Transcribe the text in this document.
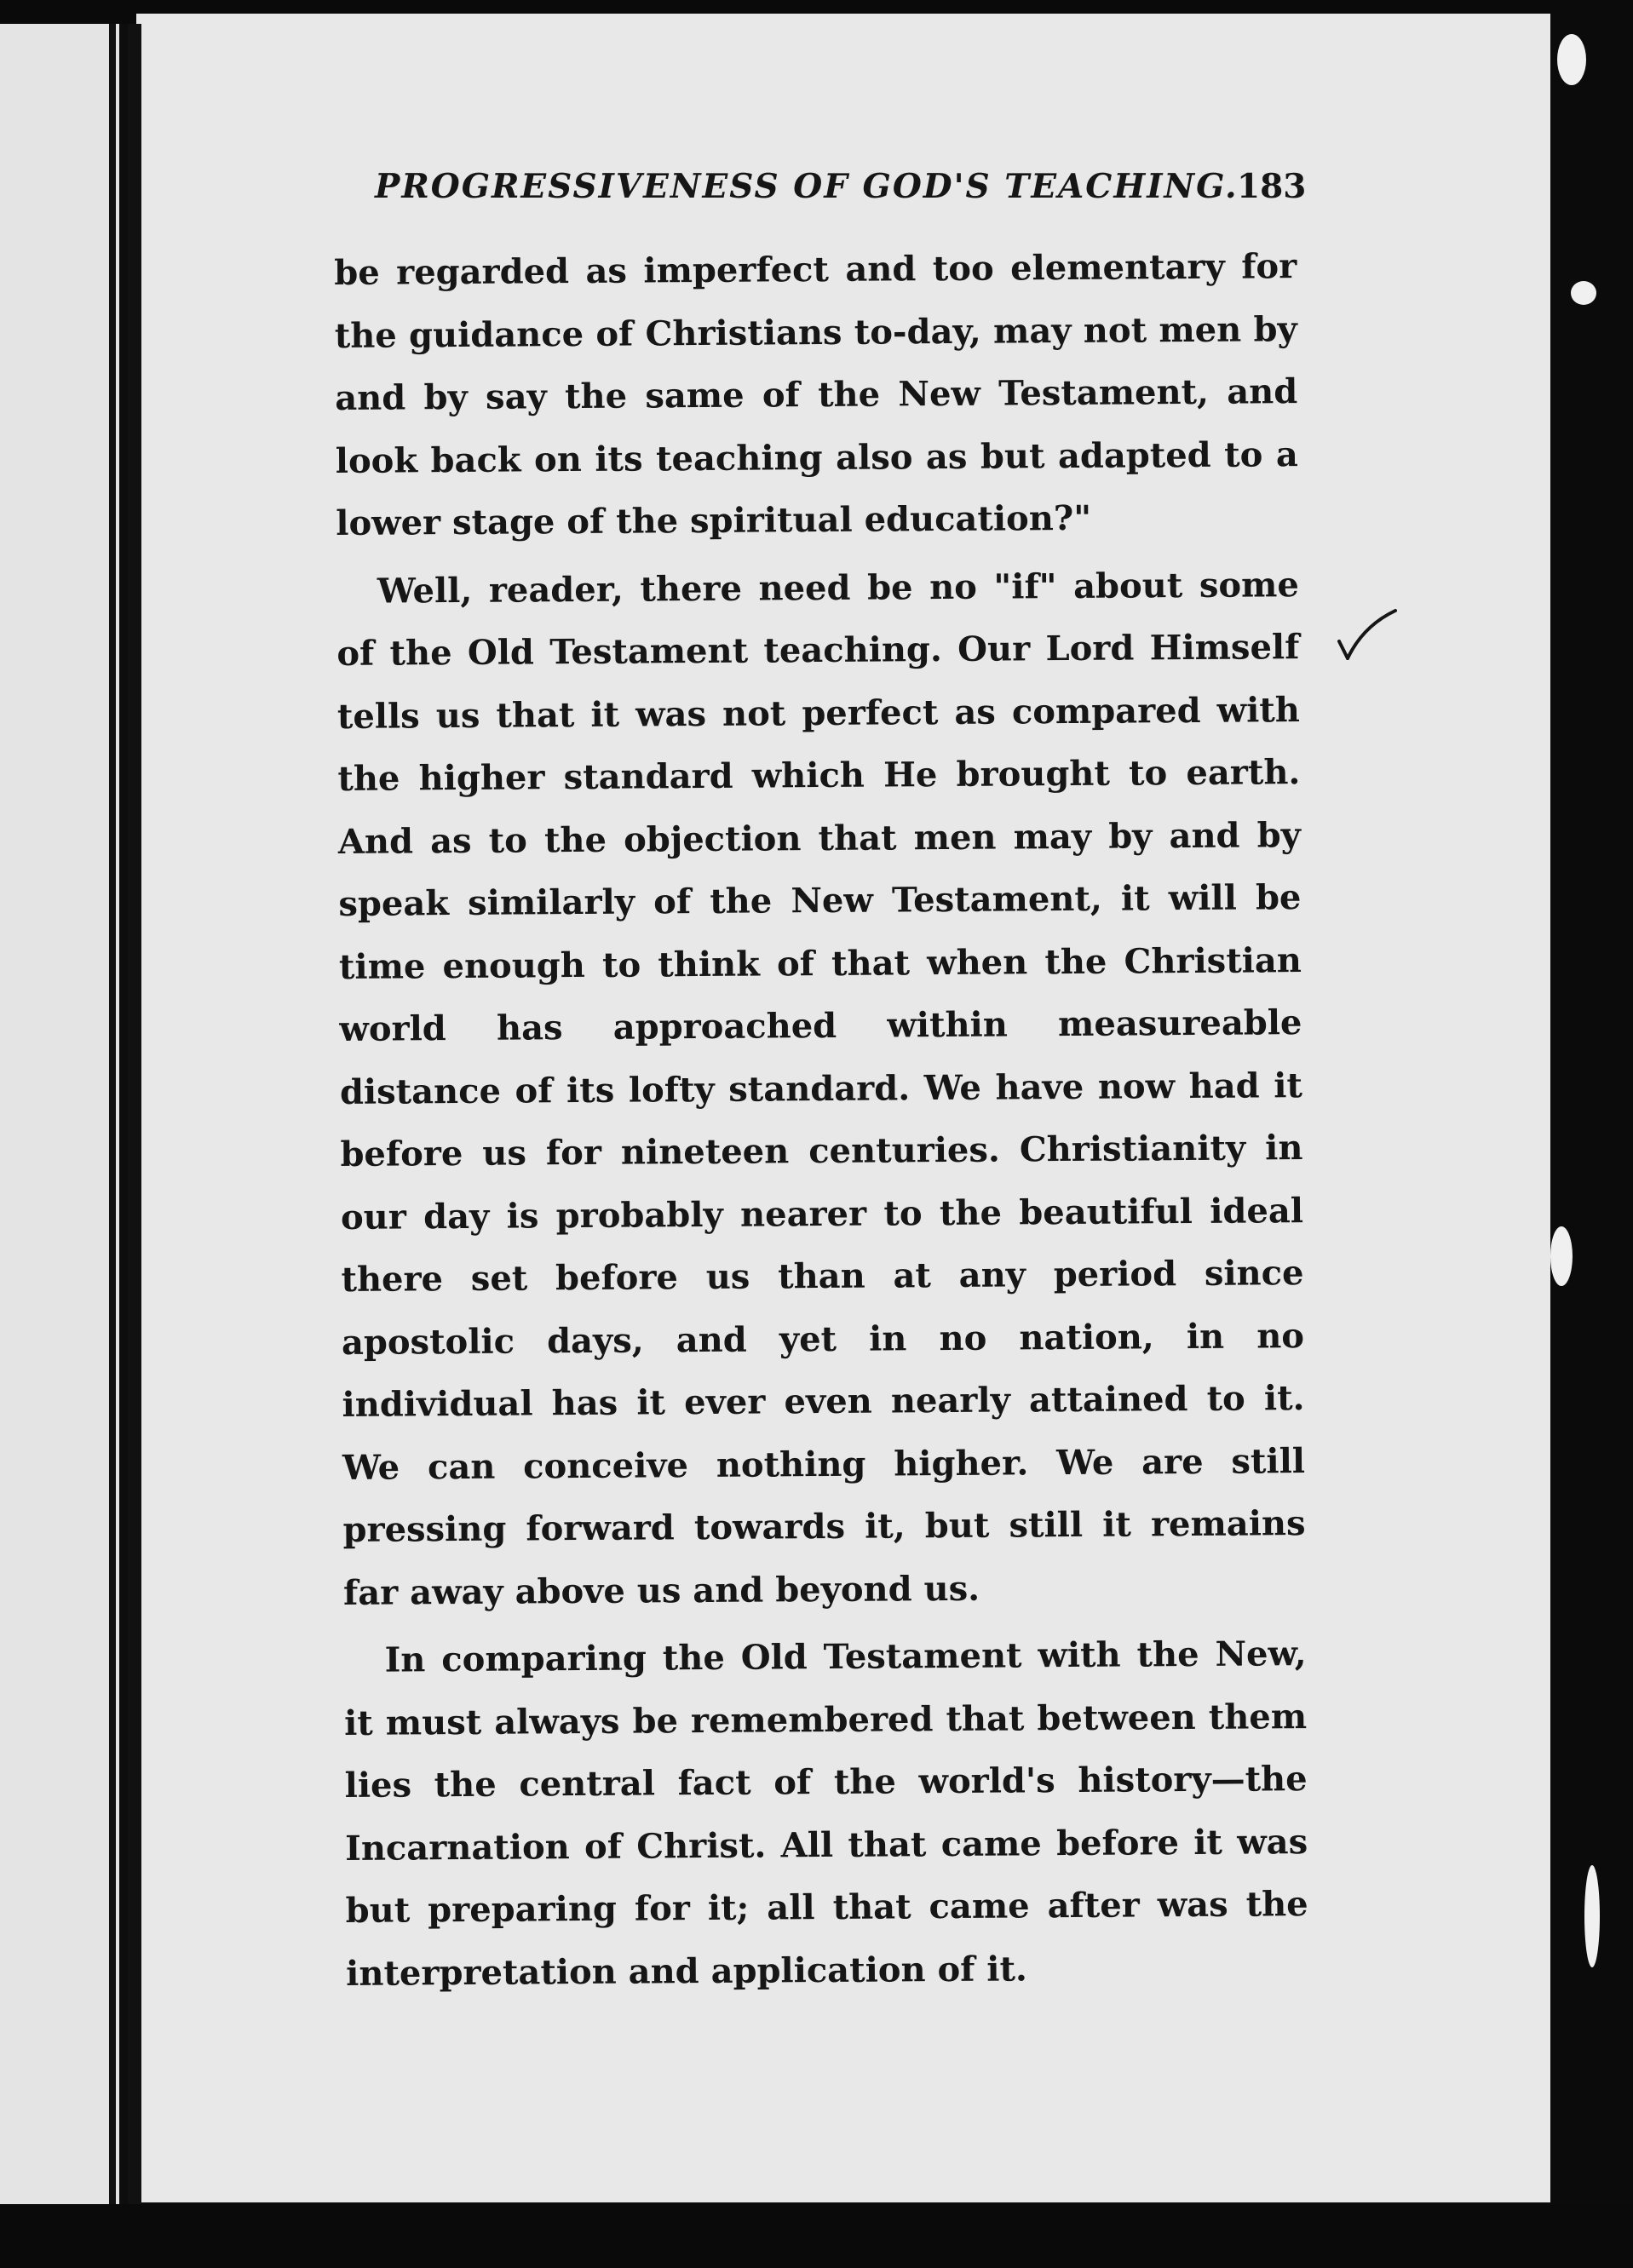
PROGRESSIVENESS OF GOD'S TEACHING.
183

be regarded as imperfect and too elementary for the guidance of Christians to-day, may not men by and by say the same of the New Testament, and look back on its teaching also as but adapted to a lower stage of the spiritual education?"

Well, reader, there need be no "if" about some of the Old Testament teaching. Our Lord Himself tells us that it was not perfect as compared with the higher standard which He brought to earth. And as to the objection that men may by and by speak similarly of the New Testament, it will be time enough to think of that when the Christian world has approached within measureable distance of its lofty standard. We have now had it before us for nineteen centuries. Christianity in our day is probably nearer to the beautiful ideal there set before us than at any period since apostolic days, and yet in no nation, in no individual has it ever even nearly attained to it. We can conceive nothing higher. We are still pressing forward towards it, but still it remains far away above us and beyond us.

In comparing the Old Testament with the New, it must always be remembered that between them lies the central fact of the world's history—the Incarnation of Christ. All that came before it was but preparing for it; all that came after was the interpretation and application of it.
